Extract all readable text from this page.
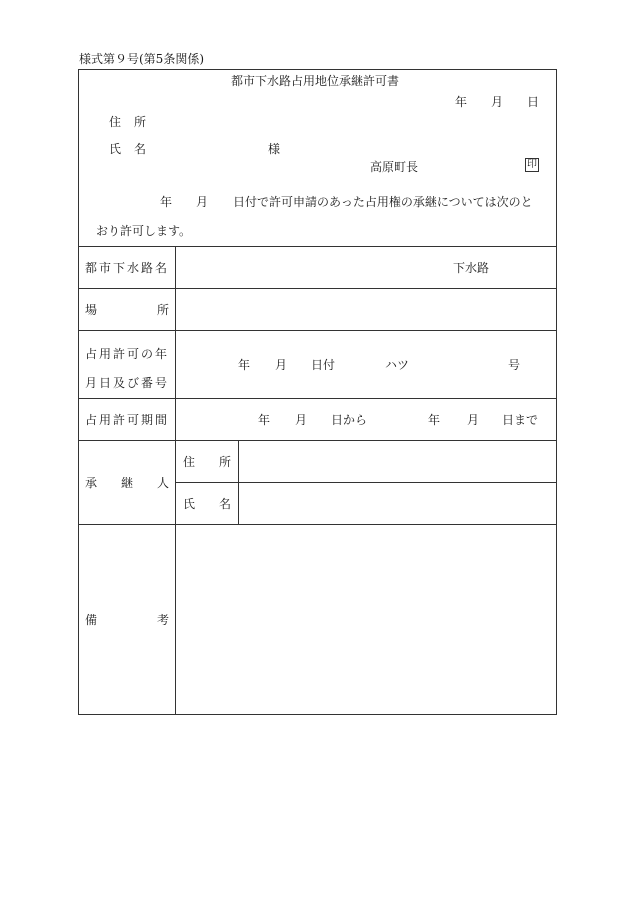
様式第９号(第5条関係)
都市下水路占用地位承継許可書
年 月 日
住 所
氏 名	様
高原町長	印
年 月 日付で許可申請のあった占用権の承継については次のと
おり許可します。
都市下水路名	下水路
場	所
占用許可の年
月日及び番号
年 月 日付	ハツ	号
占用許可期間	年 月 日から	年 月 日まで
承 継 人
住 所
氏 名
備	考
